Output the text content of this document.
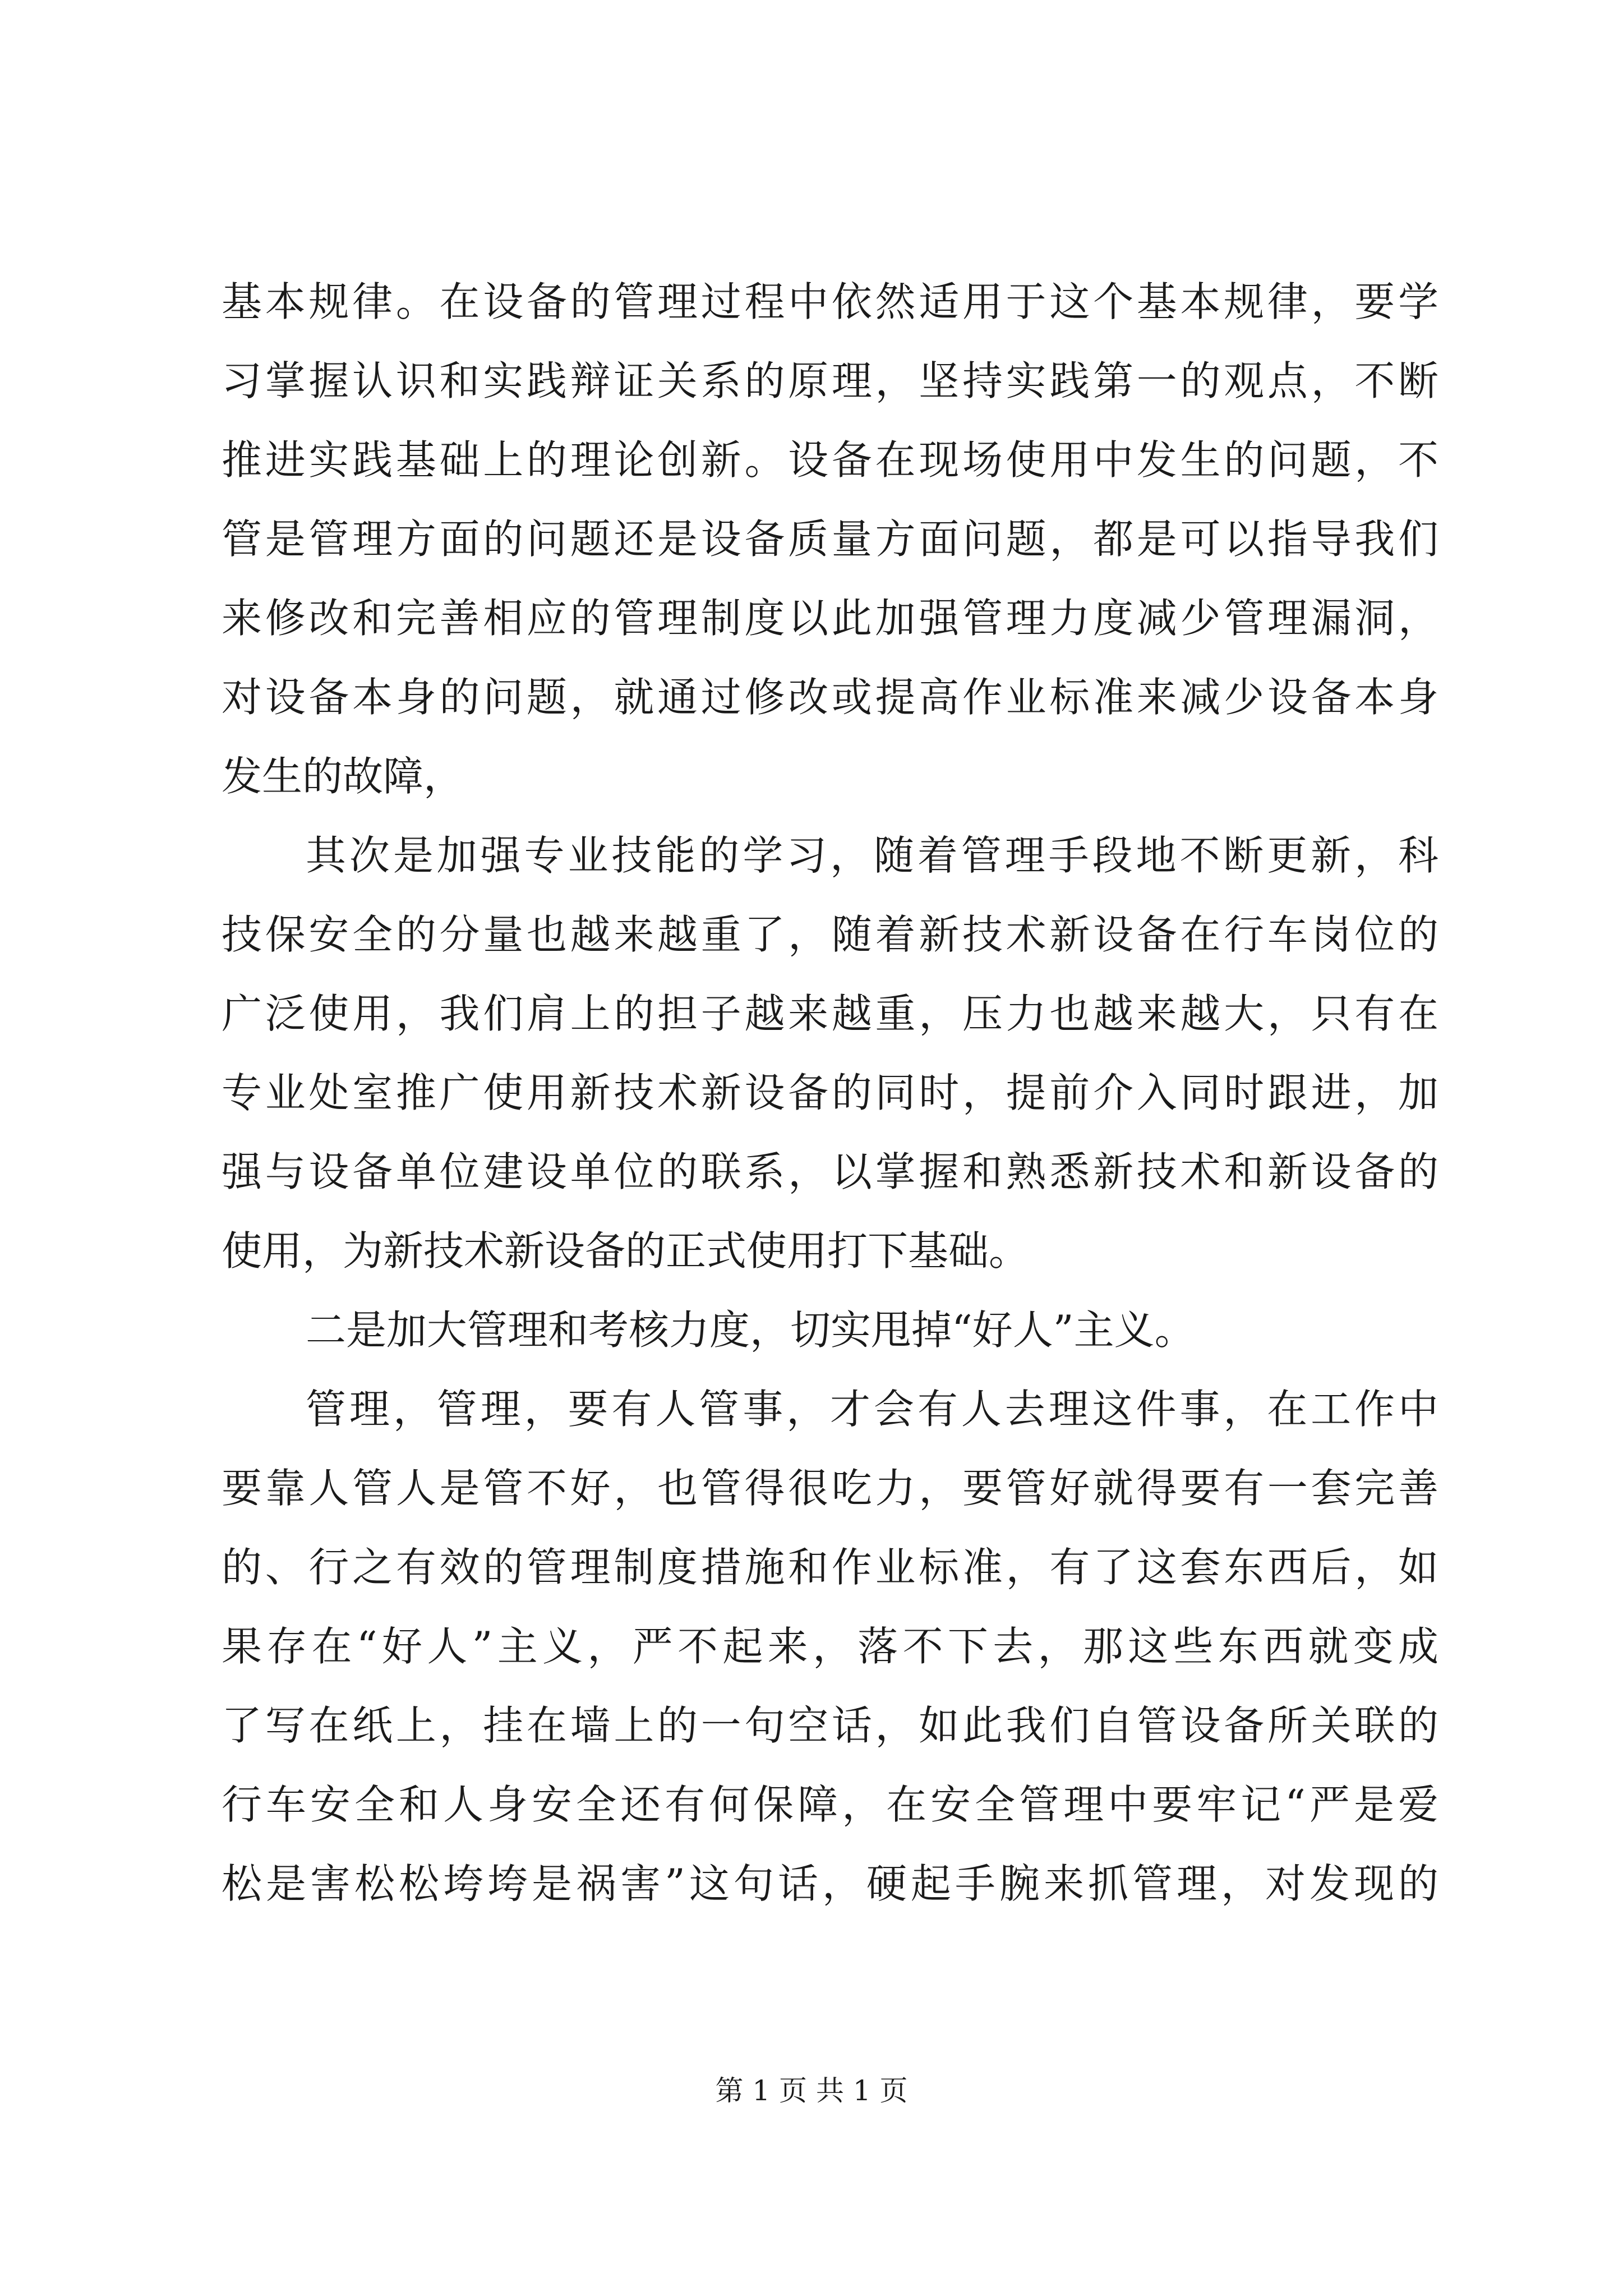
基本规律。在设备的管理过程中依然适用于这个基本规律，要学
习掌握认识和实践辩证关系的原理，坚持实践第一的观点，不断
推进实践基础上的理论创新。设备在现场使用中发生的问题，不
管是管理方面的问题还是设备质量方面问题，都是可以指导我们
来修改和完善相应的管理制度以此加强管理力度减少管理漏洞，
对设备本身的问题，就通过修改或提高作业标准来减少设备本身
发生的故障，
其次是加强专业技能的学习，随着管理手段地不断更新，科
技保安全的分量也越来越重了，随着新技术新设备在行车岗位的
广泛使用，我们肩上的担子越来越重，压力也越来越大，只有在
专业处室推广使用新技术新设备的同时，提前介入同时跟进，加
强与设备单位建设单位的联系，以掌握和熟悉新技术和新设备的
使用，为新技术新设备的正式使用打下基础。
二是加大管理和考核力度，切实甩掉“好人”主义。
管理，管理，要有人管事，才会有人去理这件事，在工作中
要靠人管人是管不好，也管得很吃力，要管好就得要有一套完善
的、行之有效的管理制度措施和作业标准，有了这套东西后，如
果存在“好人”主义，严不起来，落不下去，那这些东西就变成
了写在纸上，挂在墙上的一句空话，如此我们自管设备所关联的
行车安全和人身安全还有何保障，在安全管理中要牢记“严是爱
松是害松松垮垮是祸害”这句话，硬起手腕来抓管理，对发现的
第 1 页 共 1 页
